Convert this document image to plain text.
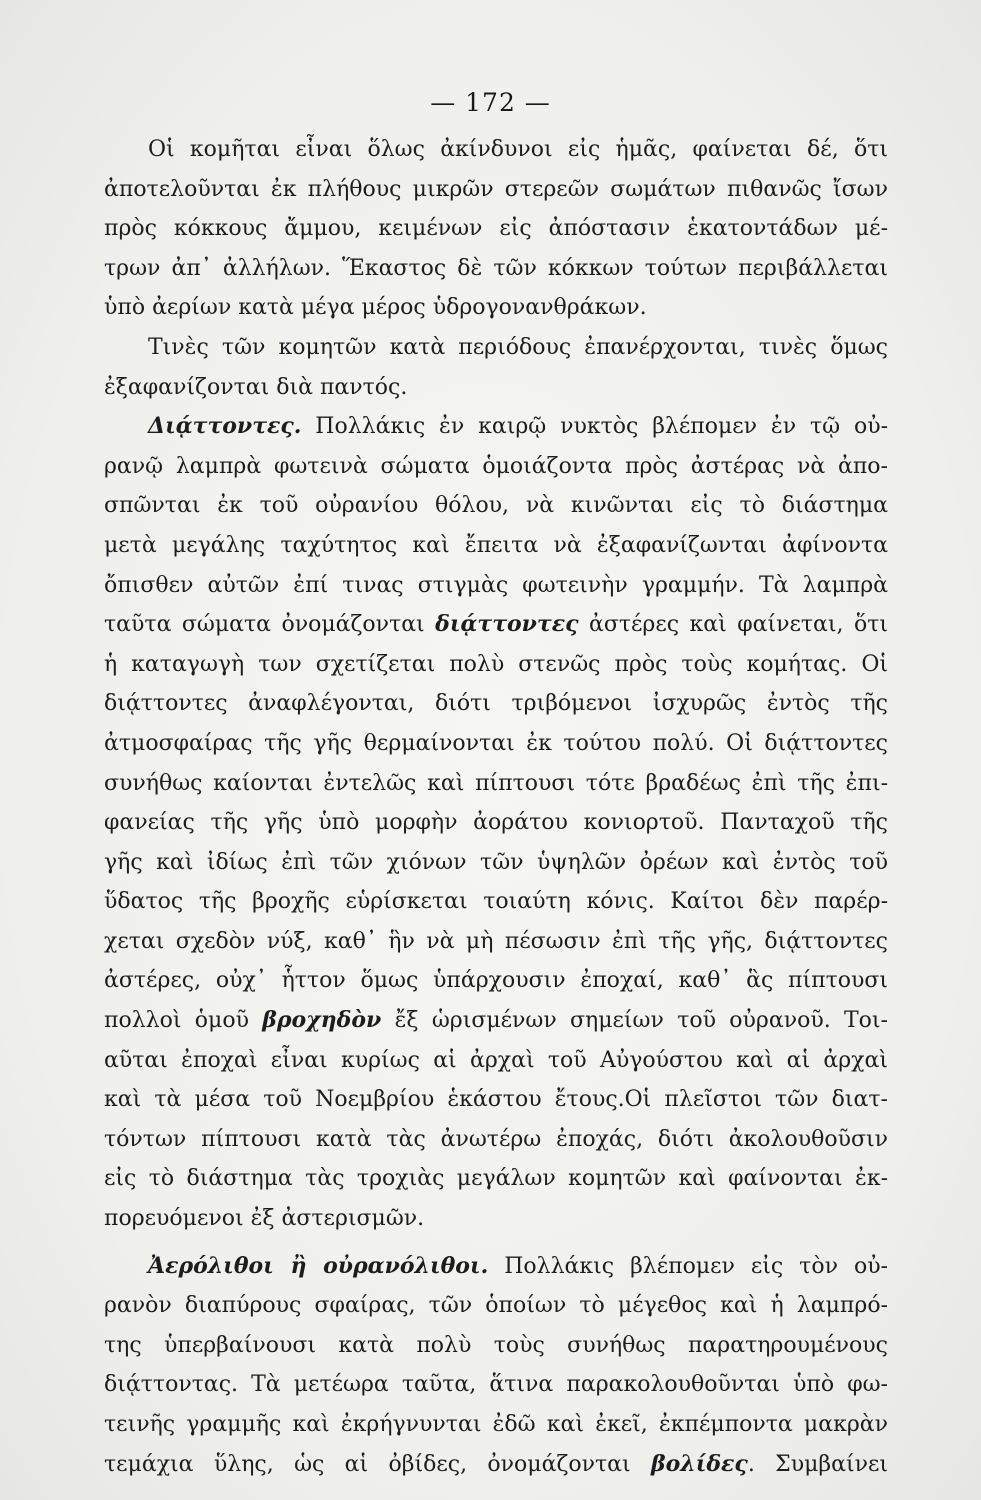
— 172 —
Οἱ κομῆται εἶναι ὅλως ἀκίνδυνοι εἰς ἡμᾶς, φαίνεται δέ, ὅτι
ἀποτελοῦνται ἐκ πλήθους μικρῶν στερεῶν σωμάτων πιθανῶς ἴσων
πρὸς κόκκους ἄμμου, κειμένων εἰς ἀπόστασιν ἑκατοντάδων μέ-
τρων ἀπ᾽ ἀλλήλων. Ἕκαστος δὲ τῶν κόκκων τούτων περιβάλλεται
ὑπὸ ἀερίων κατὰ μέγα μέρος ὑδρογονανθράκων.
Τινὲς τῶν κομητῶν κατὰ περιόδους ἐπανέρχονται, τινὲς ὅμως
ἐξαφανίζονται διὰ παντός.
Διᾴττοντες. Πολλάκις ἐν καιρῷ νυκτὸς βλέπομεν ἐν τῷ οὐ-
ρανῷ λαμπρὰ φωτεινὰ σώματα ὁμοιάζοντα πρὸς ἀστέρας νὰ ἀπο-
σπῶνται ἐκ τοῦ οὐρανίου θόλου, νὰ κινῶνται εἰς τὸ διάστημα
μετὰ μεγάλης ταχύτητος καὶ ἔπειτα νὰ ἐξαφανίζωνται ἀφίνοντα
ὄπισθεν αὐτῶν ἐπί τινας στιγμὰς φωτεινὴν γραμμήν. Τὰ λαμπρὰ
ταῦτα σώματα ὀνομάζονται διᾴττοντες ἀστέρες καὶ φαίνεται, ὅτι
ἡ καταγωγὴ των σχετίζεται πολὺ στενῶς πρὸς τοὺς κομήτας. Οἱ
διᾴττοντες ἀναφλέγονται, διότι τριβόμενοι ἰσχυρῶς ἐντὸς τῆς
ἀτμοσφαίρας τῆς γῆς θερμαίνονται ἐκ τούτου πολύ. Οἱ διᾴττοντες
συνήθως καίονται ἐντελῶς καὶ πίπτουσι τότε βραδέως ἐπὶ τῆς ἐπι-
φανείας τῆς γῆς ὑπὸ μορφὴν ἀοράτου κονιορτοῦ. Πανταχοῦ τῆς
γῆς καὶ ἰδίως ἐπὶ τῶν χιόνων τῶν ὑψηλῶν ὀρέων καὶ ἐντὸς τοῦ
ὕδατος τῆς βροχῆς εὑρίσκεται τοιαύτη κόνις. Καίτοι δὲν παρέρ-
χεται σχεδὸν νύξ, καθ᾽ ἣν νὰ μὴ πέσωσιν ἐπὶ τῆς γῆς, διᾴττοντες
ἀστέρες, οὐχ᾽ ἧττον ὅμως ὑπάρχουσιν ἐποχαί, καθ᾽ ἃς πίπτουσι
πολλοὶ ὁμοῦ βροχηδὸν ἔξ ὡρισμένων σημείων τοῦ οὐρανοῦ. Τοι-
αῦται ἐποχαὶ εἶναι κυρίως αἱ ἀρχαὶ τοῦ Αὐγούστου καὶ αἱ ἀρχαὶ
καὶ τὰ μέσα τοῦ Νοεμβρίου ἑκάστου ἔτους.Οἱ πλεῖστοι τῶν διατ-
τόντων πίπτουσι κατὰ τὰς ἀνωτέρω ἐποχάς, διότι ἀκολουθοῦσιν
εἰς τὸ διάστημα τὰς τροχιὰς μεγάλων κομητῶν καὶ φαίνονται ἐκ-
πορευόμενοι ἐξ ἀστερισμῶν.
Ἀερόλιθοι ἢ οὐρανόλιθοι. Πολλάκις βλέπομεν εἰς τὸν οὐ-
ρανὸν διαπύρους σφαίρας, τῶν ὁποίων τὸ μέγεθος καὶ ἡ λαμπρό-
της ὑπερβαίνουσι κατὰ πολὺ τοὺς συνήθως παρατηρουμένους
διᾴττοντας. Τὰ μετέωρα ταῦτα, ἅτινα παρακολουθοῦνται ὑπὸ φω-
τεινῆς γραμμῆς καὶ ἐκρήγνυνται ἐδῶ καὶ ἐκεῖ, ἐκπέμποντα μακρὰν
τεμάχια ὕλης, ὡς αἱ ὀβίδες, ὀνομάζονται βολίδες. Συμβαίνει
